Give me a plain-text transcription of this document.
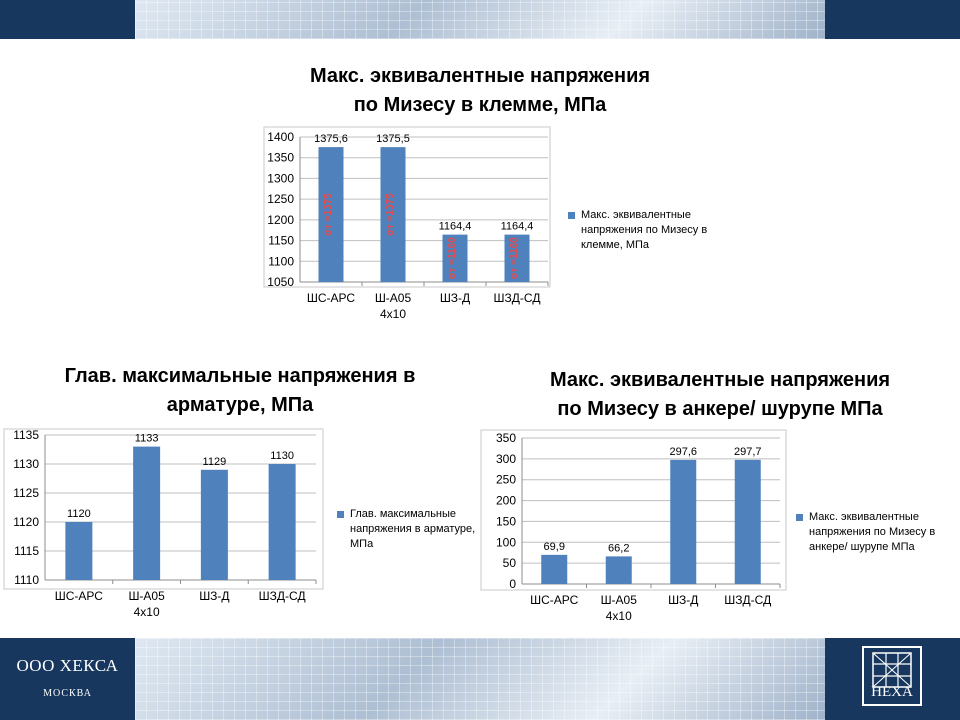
Макс. эквивалентные напряжения
по Мизесу в клемме, МПа
Макс. эквивалентные напряжения по Мизесу в клемме, МПа
Глав. максимальные напряжения в
арматуре, МПа
Глав. максимальные напряжения в арматуре, МПа
Макс. эквивалентные напряжения
по Мизесу в анкере/ шурупе МПа
Макс. эквивалентные напряжения по Мизесу в анкере/ шурупе МПа
1050
1100
1150
1200
1250
1300
1350
1400 1375,6
ШС-АРС
σт =1375
1375,5
Ш-А05
4х10
σт =1375	1164,4
ШЗ-Д
σт =1160
1164,4
ШЗД-СД
σт =1160
1110
1115
1120
1125
1130
1135
1120
ШС-АРС
1133
Ш-А05
4х10
1129
ШЗ-Д
1130
ШЗД-СД
0
50
100
150
200
250
300
350
69,9
ШС-АРС
66,2
Ш-А05
4х10
297,6
ШЗ-Д
297,7
ШЗД-СД
ООО ХЕКСА
МОСКВА	HEXA
